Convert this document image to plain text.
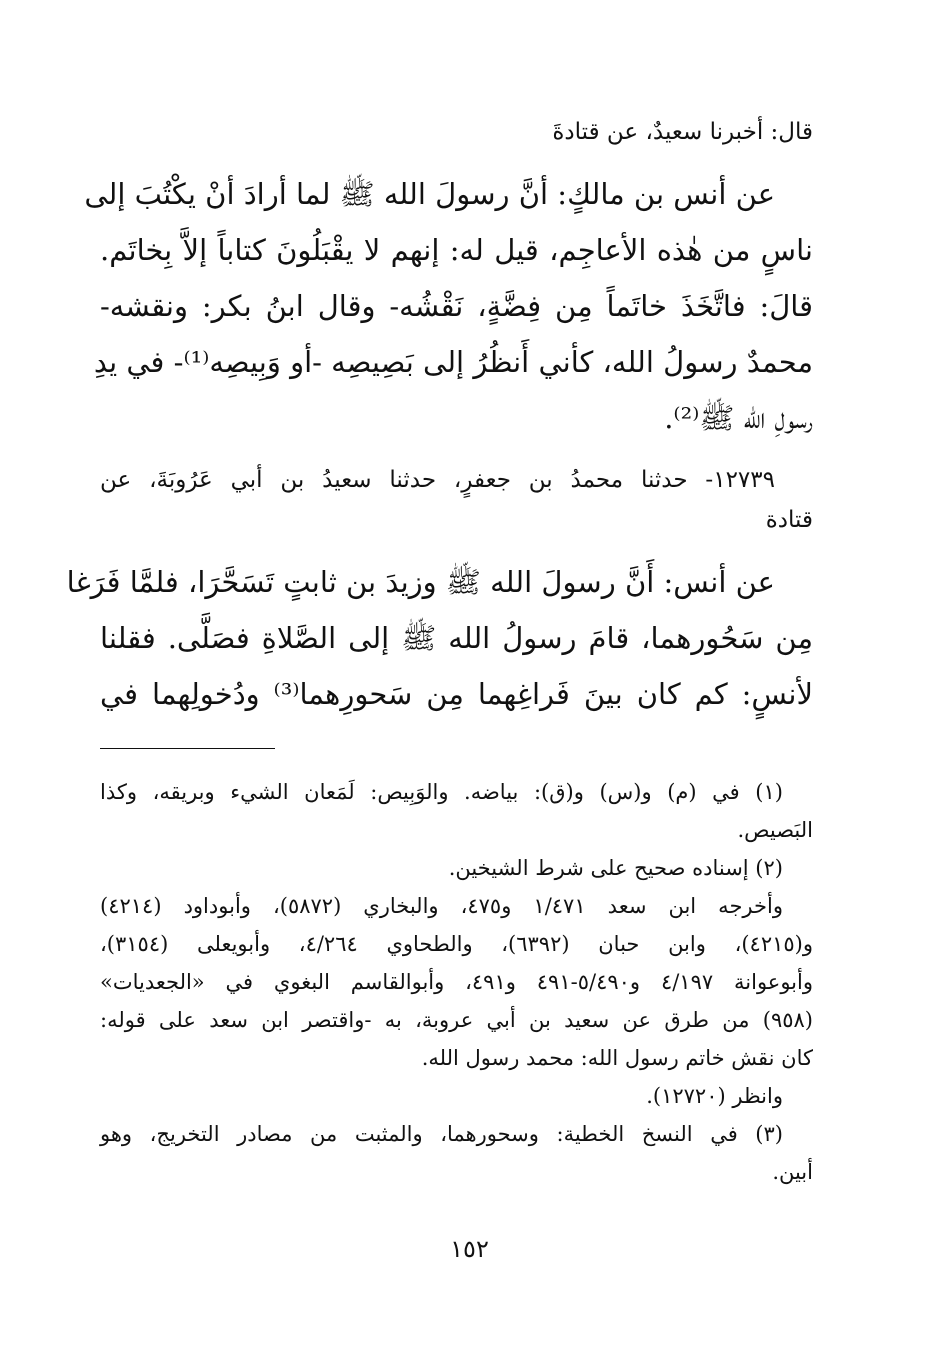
قال: أخبرنا سعيدٌ، عن قتادةَ

عن أنس بن مالكٍ: أنَّ رسولَ الله ﷺ لما أرادَ أنْ يكْتُبَ إلى

ناسٍ من هٰذه الأعاجِم، قيل له: إنهم لا يقْبَلُونَ كتاباً إلاَّ بِخاتَم.

قالَ: فاتَّخَذَ خاتَماً مِن فِضَّةٍ، نَقْشُه- وقال ابنُ بكر: ونقشه-

محمدٌ رسولُ الله، كأني أَنظُرُ إلى بَصِيصِه -أو وَبِيصِه⁽¹⁾- في يدِ

رسولِ الله ﷺ⁽²⁾.

١٢٧٣٩- حدثنا محمدُ بن جعفرٍ، حدثنا سعيدُ بن أبي عَرُوبَةَ، عن

قتادة

عن أنس: أَنَّ رسولَ الله ﷺ وزيدَ بن ثابتٍ تَسَحَّرَا، فلمَّا فَرَغا

مِن سَحُورهما، قامَ رسولُ الله ﷺ إلى الصَّلاةِ فصَلَّى. فقلنا

لأنسٍ: كم كان بينَ فَراغِهما مِن سَحورِهما⁽³⁾ ودُخولِهما في

(١) في (م) و(س) و(ق): بياضه. والوَبِيص: لَمَعان الشيء وبريقه، وكذا

البَصيص.

(٢) إسناده صحيح على شرط الشيخين.

وأخرجه ابن سعد ١/٤٧١ و٤٧٥، والبخاري (٥٨٧٢)، وأبوداود (٤٢١٤)

و(٤٢١٥)، وابن حبان (٦٣٩٢)، والطحاوي ٤/٢٦٤، وأبويعلى (٣١٥٤)،

وأبوعوانة ٤/١٩٧ و٥/٤٩٠-٤٩١ و٤٩١، وأبوالقاسم البغوي في «الجعديات»

(٩٥٨) من طرق عن سعيد بن أبي عروبة، به -واقتصر ابن سعد على قوله:

كان نقش خاتم رسول الله: محمد رسول الله.

وانظر (١٢٧٢٠).

(٣) في النسخ الخطية: وسحورهما، والمثبت من مصادر التخريج، وهو

أبين.

١٥٢
